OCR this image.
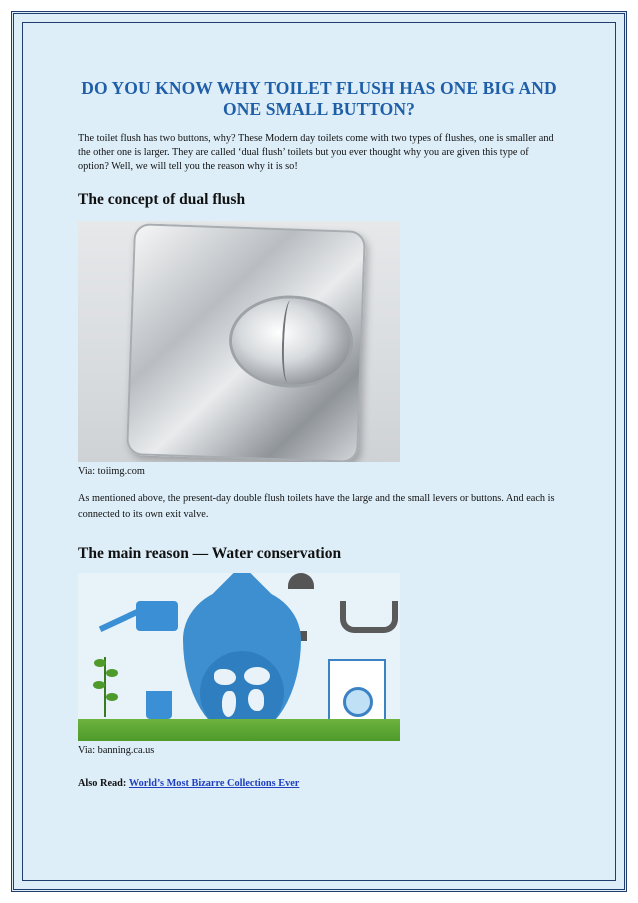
DO YOU KNOW WHY TOILET FLUSH HAS ONE BIG AND ONE SMALL BUTTON?

The toilet flush has two buttons, why? These Modern day toilets come with two types of flushes, one is smaller and the other one is larger. They are called ‘dual flush’ toilets but you ever thought why you are given this type of option? Well, we will tell you the reason why it is so!

The concept of dual flush

Via: toiimg.com

As mentioned above, the present-day double flush toilets have the large and the small levers or buttons. And each is connected to its own exit valve.

The main reason — Water conservation

Via: banning.ca.us

Also Read: World’s Most Bizarre Collections Ever
